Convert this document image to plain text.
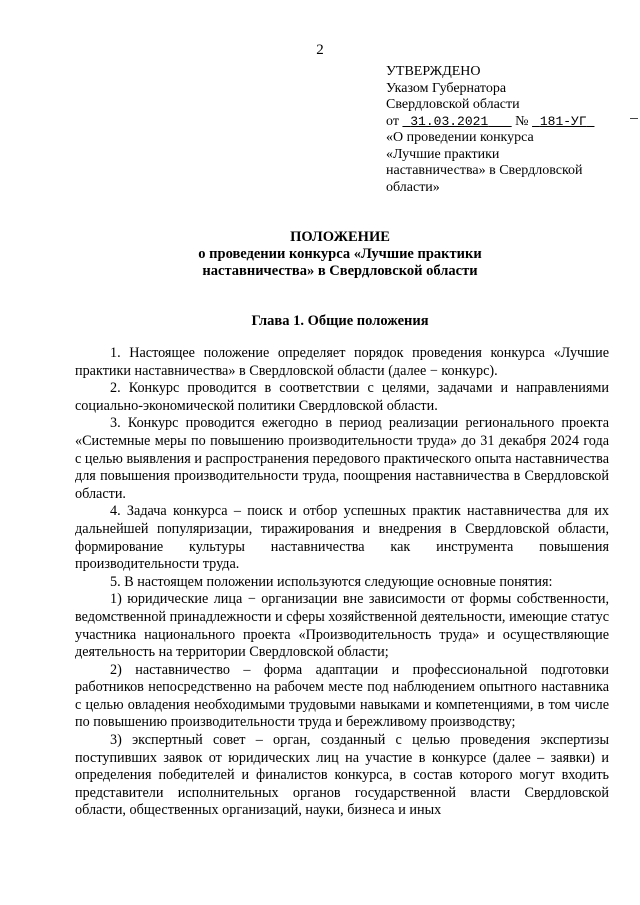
2
УТВЕРЖДЕНО
Указом Губернатора
Свердловской области
от 31.03.2021 № 181-УГ
«О проведении конкурса
«Лучшие практики
наставничества» в Свердловской
области»
ПОЛОЖЕНИЕ
о проведении конкурса «Лучшие практики
наставничества» в Свердловской области
Глава 1. Общие положения

1. Настоящее положение определяет порядок проведения конкурса «Лучшие практики наставничества» в Свердловской области (далее − конкурс).

2. Конкурс проводится в соответствии с целями, задачами и направлениями социально-экономической политики Свердловской области.

3. Конкурс проводится ежегодно в период реализации регионального проекта «Системные меры по повышению производительности труда» до 31 декабря 2024 года с целью выявления и распространения передового практического опыта наставничества для повышения производительности труда, поощрения наставничества в Свердловской области.

4. Задача конкурса – поиск и отбор успешных практик наставничества для их дальнейшей популяризации, тиражирования и внедрения в Свердловской области, формирование культуры наставничества как инструмента повышения производительности труда.

5. В настоящем положении используются следующие основные понятия:

1) юридические лица − организации вне зависимости от формы собственности, ведомственной принадлежности и сферы хозяйственной деятельности, имеющие статус участника национального проекта «Производительность труда» и осуществляющие деятельность на территории Свердловской области;

2) наставничество – форма адаптации и профессиональной подготовки работников непосредственно на рабочем месте под наблюдением опытного наставника с целью овладения необходимыми трудовыми навыками и компетенциями, в том числе по повышению производительности труда и бережливому производству;

3) экспертный совет – орган, созданный с целью проведения экспертизы поступивших заявок от юридических лиц на участие в конкурсе (далее – заявки) и определения победителей и финалистов конкурса, в состав которого могут входить представители исполнительных органов государственной власти Свердловской области, общественных организаций, науки, бизнеса и иных
